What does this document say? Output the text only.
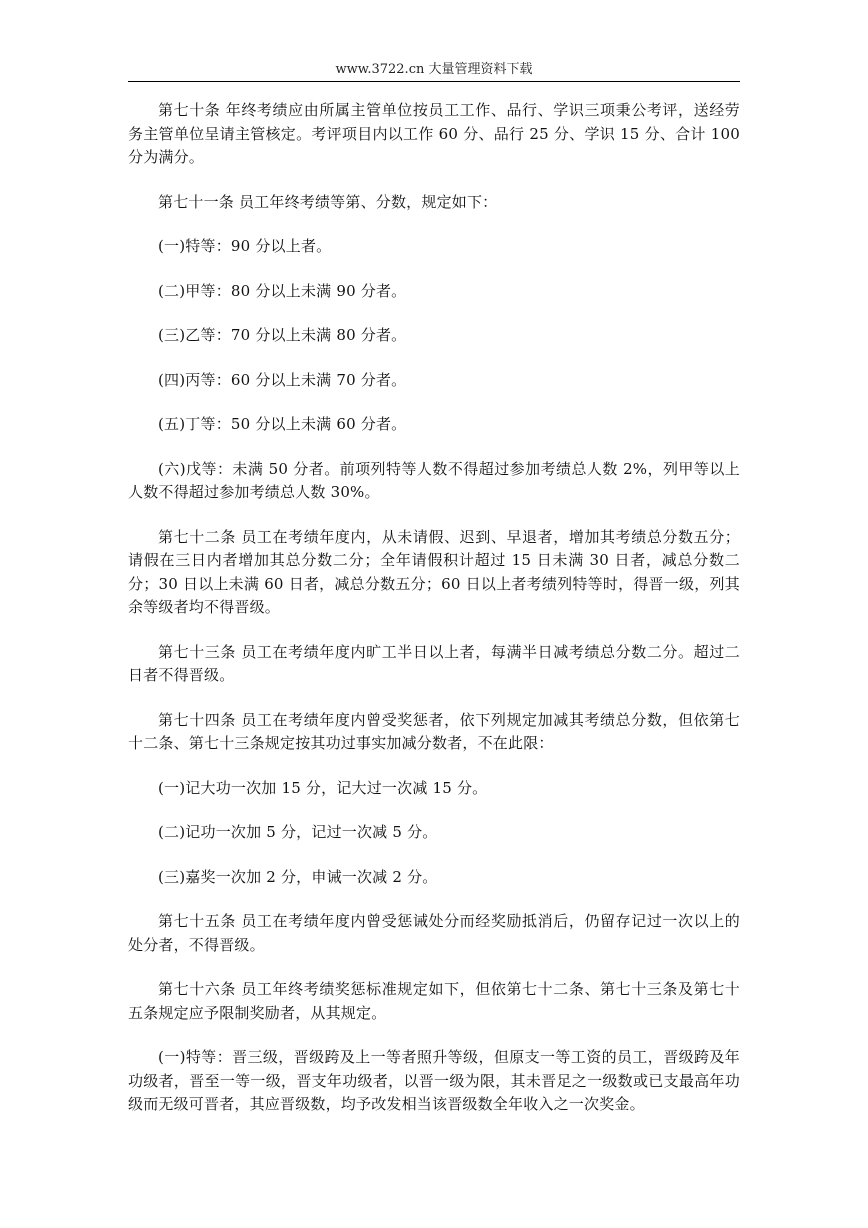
www.3722.cn 大量管理资料下载

第七十条 年终考绩应由所属主管单位按员工工作、品行、学识三项秉公考评，送经劳务主管单位呈请主管核定。考评项目内以工作 60 分、品行 25 分、学识 15 分、合计 100 分为满分。

第七十一条 员工年终考绩等第、分数，规定如下：

(一)特等：90 分以上者。

(二)甲等：80 分以上未满 90 分者。

(三)乙等：70 分以上未满 80 分者。

(四)丙等：60 分以上未满 70 分者。

(五)丁等：50 分以上未满 60 分者。

(六)戊等：未满 50 分者。前项列特等人数不得超过参加考绩总人数 2%，列甲等以上人数不得超过参加考绩总人数 30%。

第七十二条 员工在考绩年度内，从未请假、迟到、早退者，增加其考绩总分数五分；请假在三日内者增加其总分数二分；全年请假积计超过 15 日未满 30 日者，减总分数二分；30 日以上未满 60 日者，减总分数五分；60 日以上者考绩列特等时，得晋一级，列其余等级者均不得晋级。

第七十三条 员工在考绩年度内旷工半日以上者，每满半日减考绩总分数二分。超过二日者不得晋级。

第七十四条 员工在考绩年度内曾受奖惩者，依下列规定加减其考绩总分数，但依第七十二条、第七十三条规定按其功过事实加减分数者，不在此限：

(一)记大功一次加 15 分，记大过一次减 15 分。

(二)记功一次加 5 分，记过一次减 5 分。

(三)嘉奖一次加 2 分，申诫一次减 2 分。

第七十五条 员工在考绩年度内曾受惩诫处分而经奖励抵消后，仍留存记过一次以上的处分者，不得晋级。

第七十六条 员工年终考绩奖惩标准规定如下，但依第七十二条、第七十三条及第七十五条规定应予限制奖励者，从其规定。

(一)特等：晋三级，晋级跨及上一等者照升等级，但原支一等工资的员工，晋级跨及年功级者，晋至一等一级，晋支年功级者，以晋一级为限，其未晋足之一级数或已支最高年功级而无级可晋者，其应晋级数，均予改发相当该晋级数全年收入之一次奖金。
